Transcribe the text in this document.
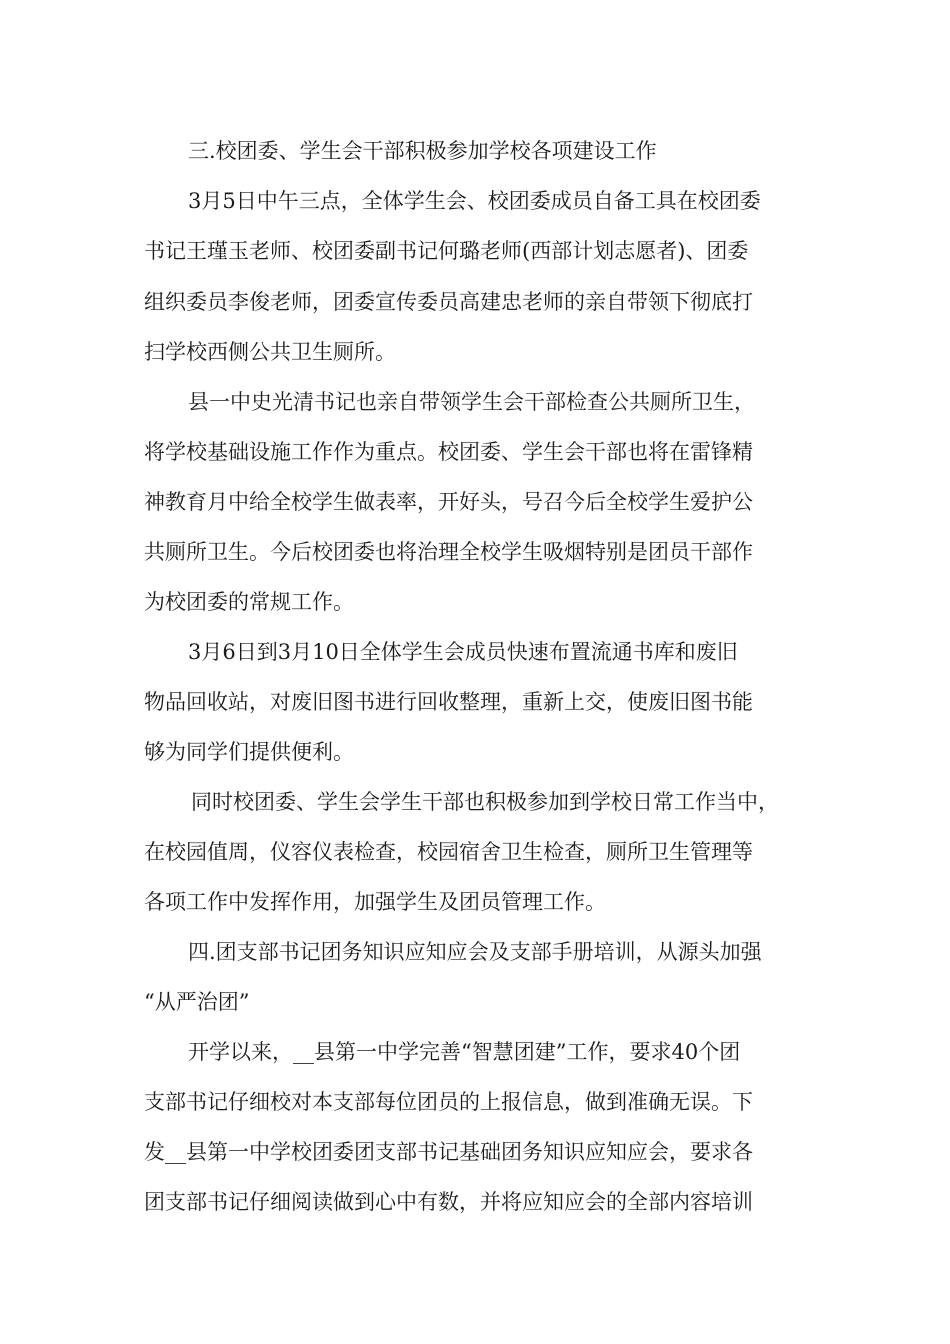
三.校团委、学生会干部积极参加学校各项建设工作
3月5日中午三点，全体学生会、校团委成员自备工具在校团委
书记王瑾玉老师、校团委副书记何璐老师(西部计划志愿者)、团委
组织委员李俊老师，团委宣传委员高建忠老师的亲自带领下彻底打
扫学校西侧公共卫生厕所。
县一中史光清书记也亲自带领学生会干部检查公共厕所卫生，
将学校基础设施工作作为重点。校团委、学生会干部也将在雷锋精
神教育月中给全校学生做表率，开好头，号召今后全校学生爱护公
共厕所卫生。今后校团委也将治理全校学生吸烟特别是团员干部作
为校团委的常规工作。
3月6日到3月10日全体学生会成员快速布置流通书库和废旧
物品回收站，对废旧图书进行回收整理，重新上交，使废旧图书能
够为同学们提供便利。
同时校团委、学生会学生干部也积极参加到学校日常工作当中，
在校园值周，仪容仪表检查，校园宿舍卫生检查，厕所卫生管理等
各项工作中发挥作用，加强学生及团员管理工作。
四.团支部书记团务知识应知应会及支部手册培训，从源头加强
“从严治团”
开学以来，__县第一中学完善“智慧团建”工作，要求40个团
支部书记仔细校对本支部每位团员的上报信息，做到准确无误。下
发__县第一中学校团委团支部书记基础团务知识应知应会，要求各
团支部书记仔细阅读做到心中有数，并将应知应会的全部内容培训
